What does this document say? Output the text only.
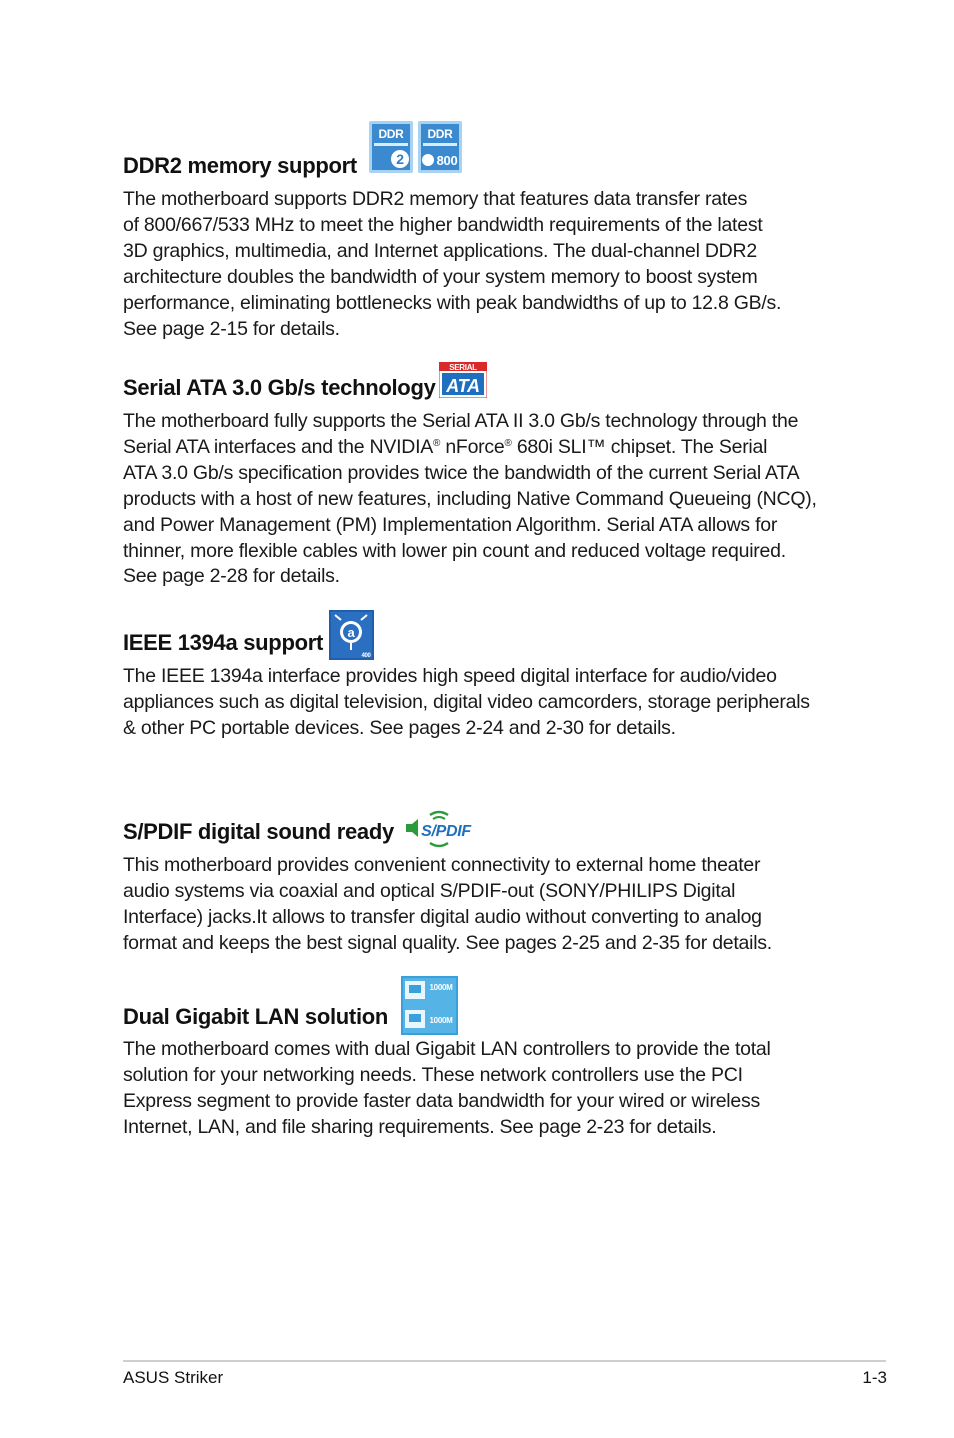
DDR2 memory support
DDR
2
DDR
800

The motherboard supports DDR2 memory that features data transfer rates
of 800/667/533 MHz to meet the higher bandwidth requirements of the latest
3D graphics, multimedia, and Internet applications. The dual-channel DDR2
architecture doubles the bandwidth of your system memory to boost system
performance, eliminating bottlenecks with peak bandwidths of up to 12.8 GB/s.
See page 2-15 for details.

Serial ATA 3.0 Gb/s technology
SERIAL
ATA

The motherboard fully supports the Serial ATA II 3.0 Gb/s technology through the
Serial ATA interfaces and the NVIDIA® nForce® 680i SLI™ chipset. The Serial
ATA 3.0 Gb/s specification provides twice the bandwidth of the current Serial ATA
products with a host of new features, including Native Command Queueing (NCQ),
and Power Management (PM) Implementation Algorithm. Serial ATA allows for
thinner, more flexible cables with lower pin count and reduced voltage required.
See page 2-28 for details.

IEEE 1394a support a
400

The IEEE 1394a interface provides high speed digital interface for audio/video
appliances such as digital television, digital video camcorders, storage peripherals
& other PC portable devices. See pages 2-24 and 2-30 for details.

S/PDIF digital sound ready S/PDIF

This motherboard provides convenient connectivity to external home theater
audio systems via coaxial and optical S/PDIF-out (SONY/PHILIPS Digital
Interface) jacks.It allows to transfer digital audio without converting to analog
format and keeps the best signal quality. See pages 2-25 and 2-35 for details.

Dual Gigabit LAN solution
1000M
1000M

The motherboard comes with dual Gigabit LAN controllers to provide the total
solution for your networking needs. These network controllers use the PCI
Express segment to provide faster data bandwidth for your wired or wireless
Internet, LAN, and file sharing requirements. See page 2-23 for details.

ASUS Striker	1-3
